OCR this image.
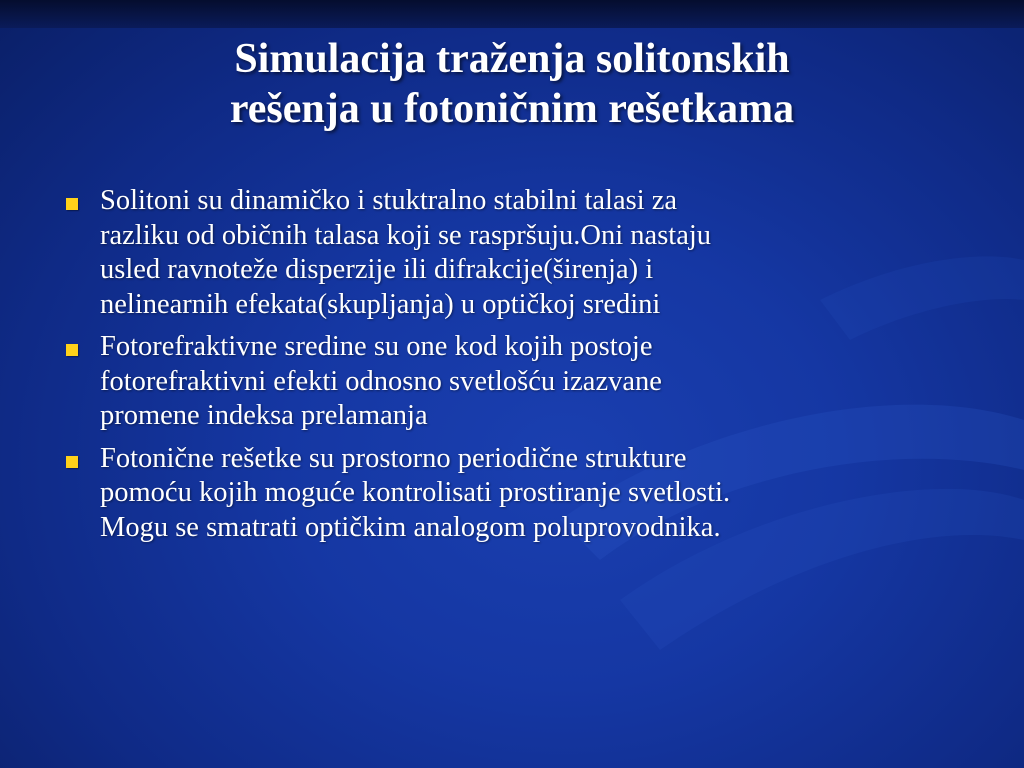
Simulacija traženja solitonskih
rešenja u fotoničnim rešetkama
Solitoni su dinamičko i stuktralno stabilni talasi za
razliku od običnih talasa koji se raspršuju.Oni nastaju
usled ravnoteže disperzije ili difrakcije(širenja) i
nelinearnih efekata(skupljanja) u optičkoj sredini
Fotorefraktivne sredine su one kod kojih postoje
fotorefraktivni efekti odnosno svetlošću izazvane
promene indeksa prelamanja
Fotonične rešetke su prostorno periodične strukture
pomoću kojih moguće kontrolisati prostiranje svetlosti.
Mogu se smatrati optičkim analogom poluprovodnika.
